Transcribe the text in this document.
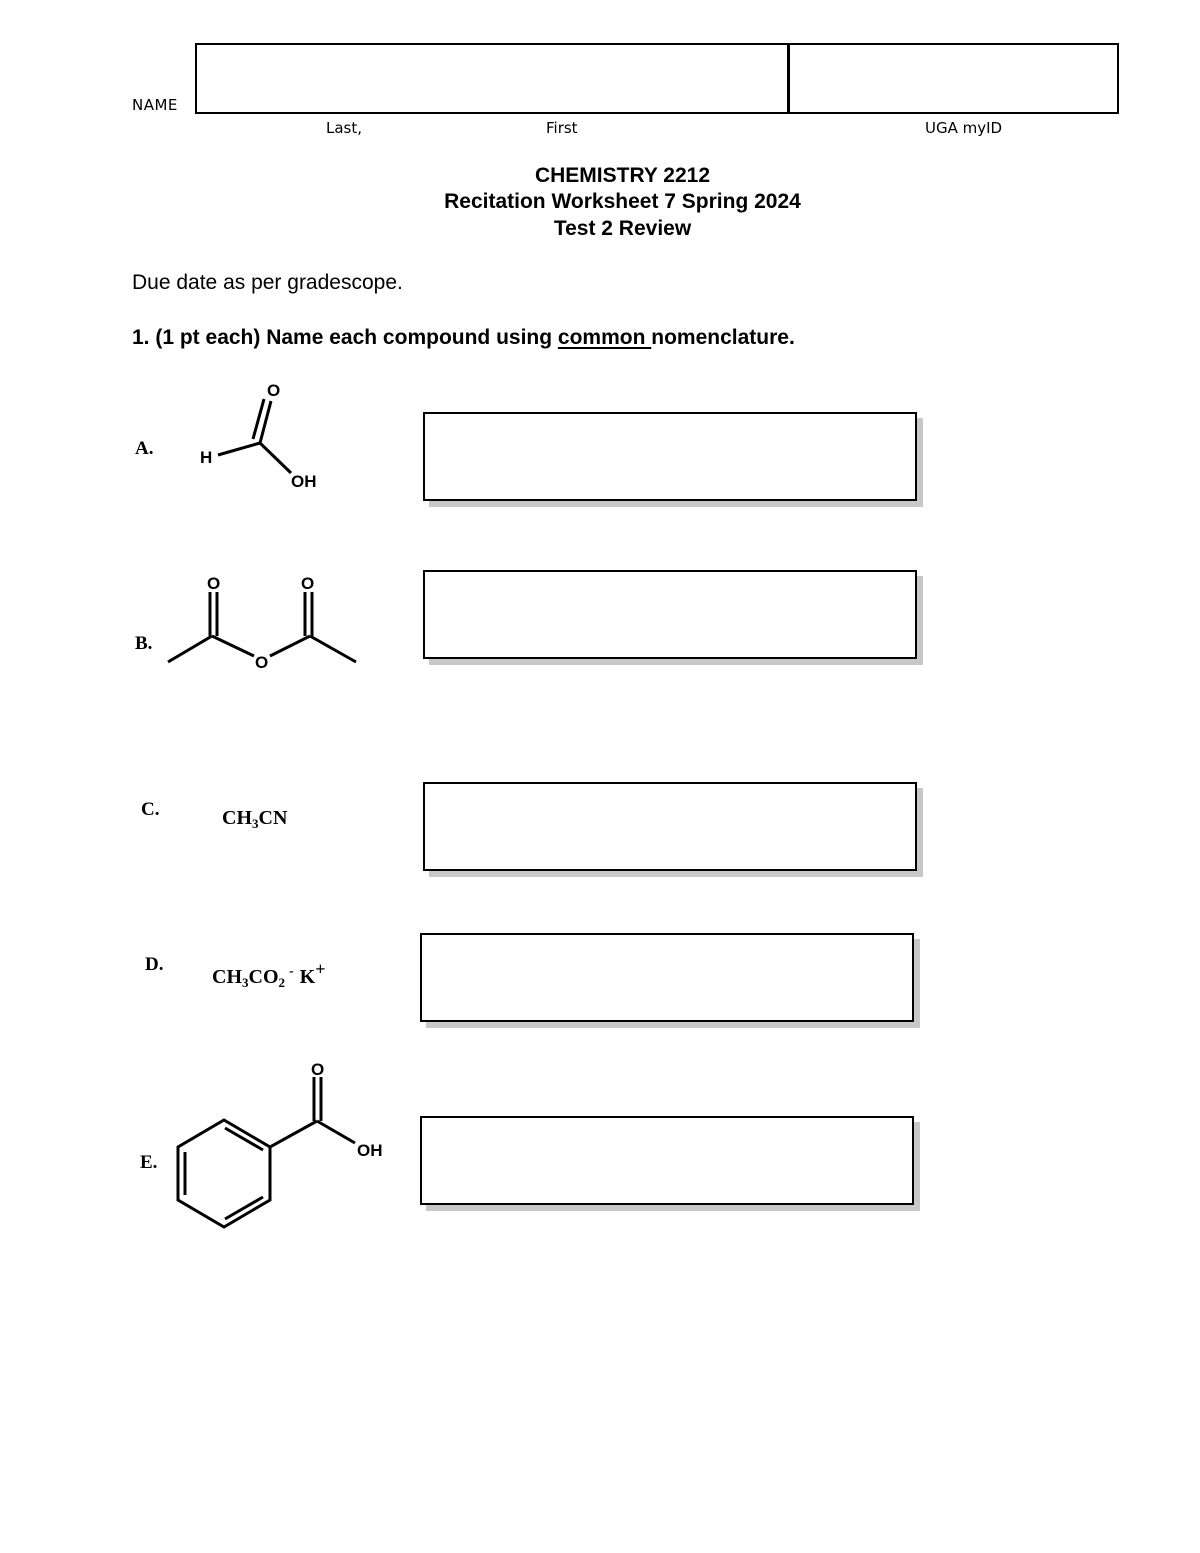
NAME
Last,	First	UGA myID
CHEMISTRY 2212
Recitation Worksheet 7 Spring 2024
Test 2 Review
Due date as per gradescope.
1. (1 pt each) Name each compound using common nomenclature.
A.
O
H
OH
B.
O	O
O
C.	$CH_3CN$
D.
$CH_3CO_2^-$ K+
E.
O
OH
